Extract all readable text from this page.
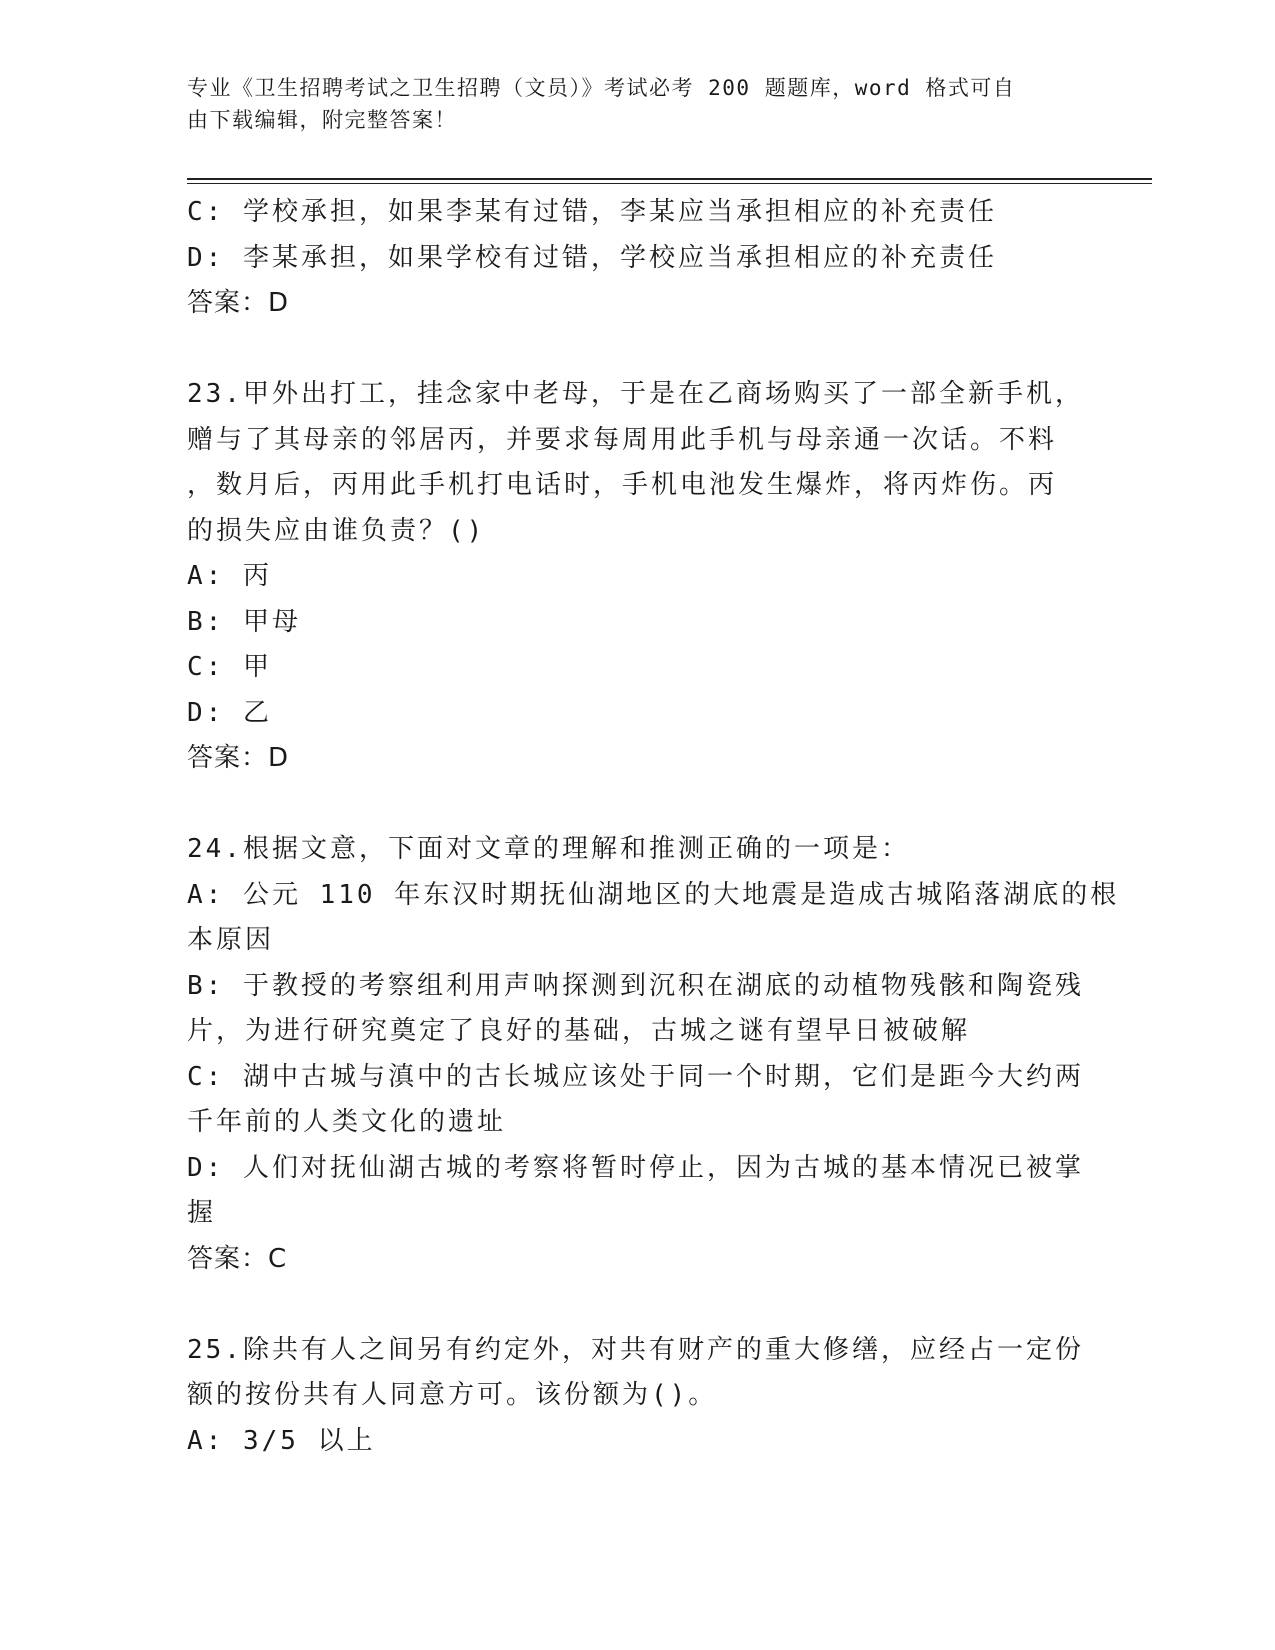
专业《卫生招聘考试之卫生招聘（文员）》考试必考 200 题题库，word 格式可自
由下载编辑，附完整答案！
C: 学校承担，如果李某有过错，李某应当承担相应的补充责任
D: 李某承担，如果学校有过错，学校应当承担相应的补充责任
答案：D
23.甲外出打工，挂念家中老母，于是在乙商场购买了一部全新手机，
赠与了其母亲的邻居丙，并要求每周用此手机与母亲通一次话。不料
，数月后，丙用此手机打电话时，手机电池发生爆炸，将丙炸伤。丙
的损失应由谁负责？()
A: 丙
B: 甲母
C: 甲
D: 乙
答案：D
24.根据文意，下面对文章的理解和推测正确的一项是：
A: 公元 110 年东汉时期抚仙湖地区的大地震是造成古城陷落湖底的根
本原因
B: 于教授的考察组利用声呐探测到沉积在湖底的动植物残骸和陶瓷残
片，为进行研究奠定了良好的基础，古城之谜有望早日被破解
C: 湖中古城与滇中的古长城应该处于同一个时期，它们是距今大约两
千年前的人类文化的遗址
D: 人们对抚仙湖古城的考察将暂时停止，因为古城的基本情况已被掌
握
答案：C
25.除共有人之间另有约定外，对共有财产的重大修缮，应经占一定份
额的按份共有人同意方可。该份额为()。
A: 3/5 以上
